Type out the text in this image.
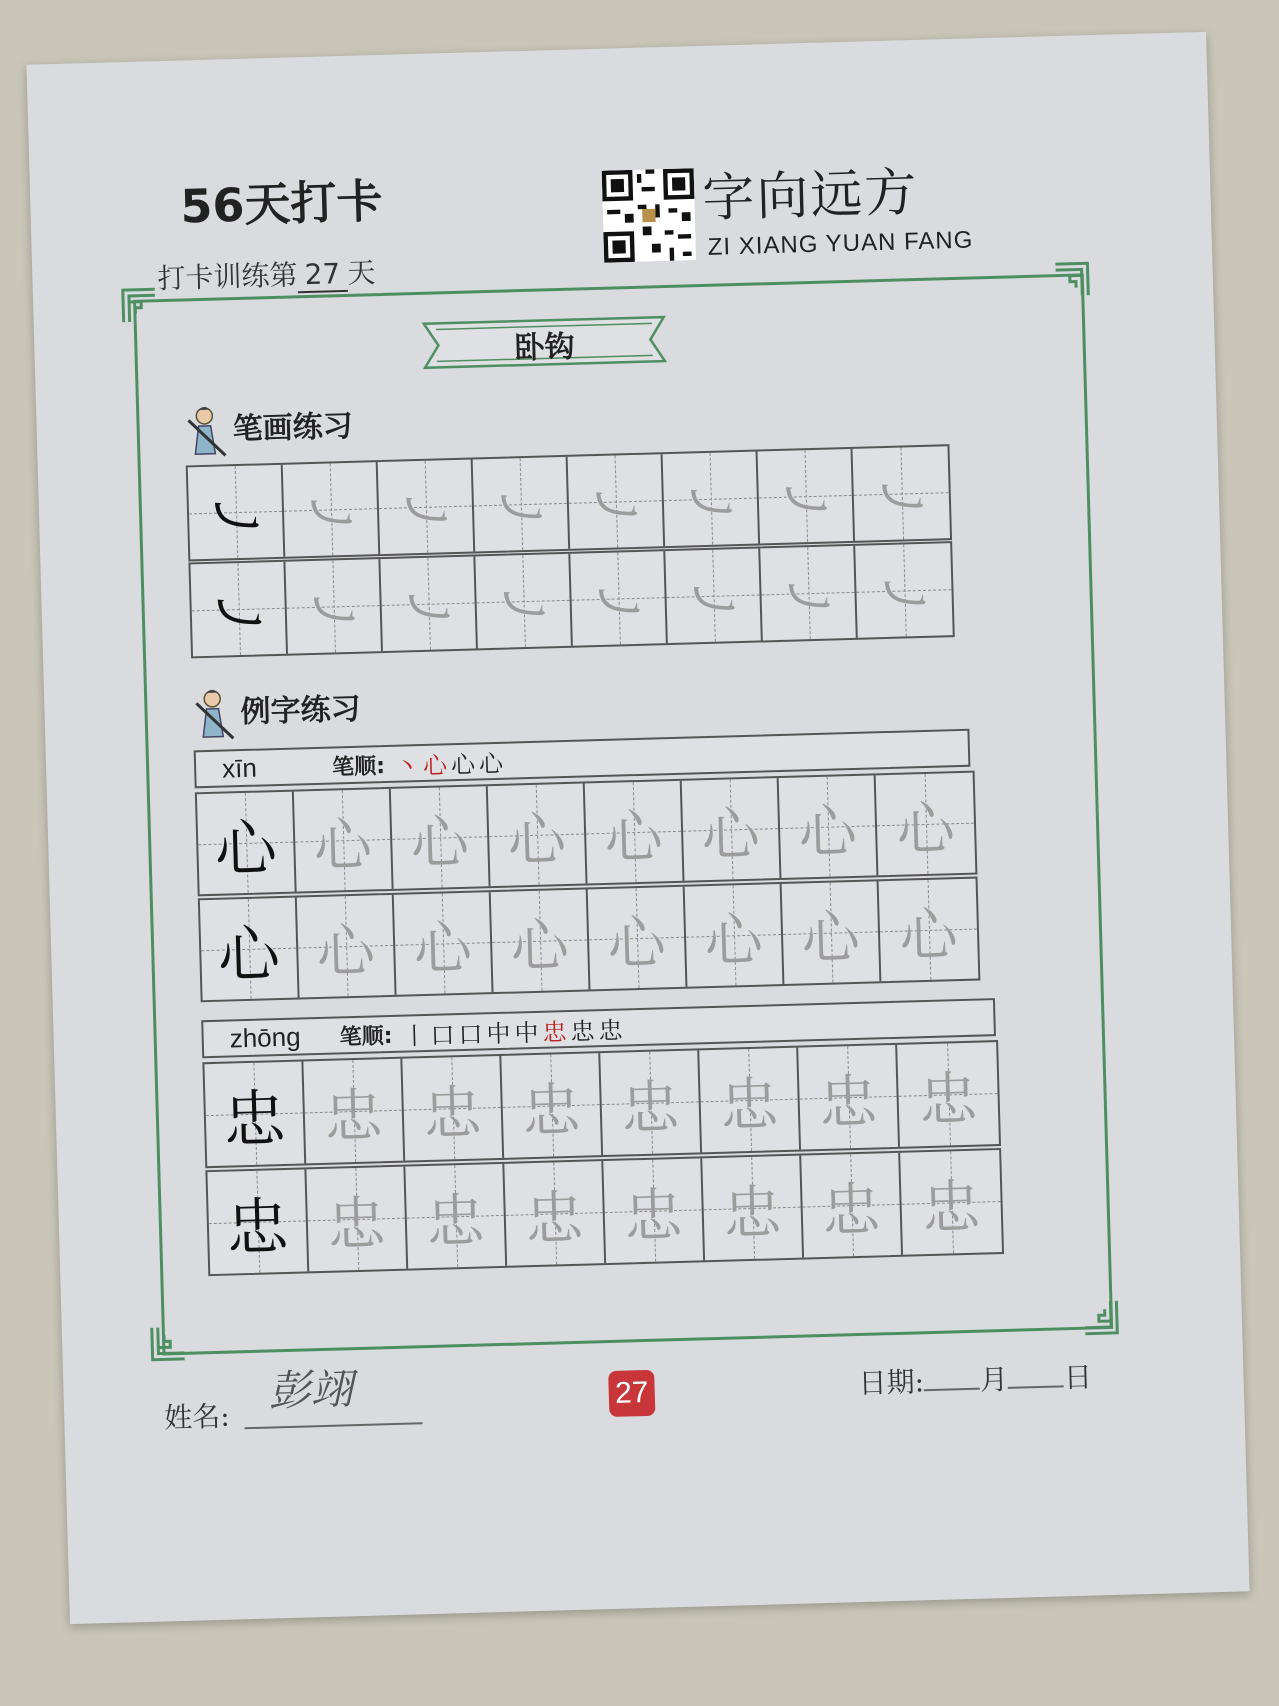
56天打卡
打卡训练第 27 天
字向远方
ZI XIANG YUAN FANG
卧钩
笔画练习
㇃ ㇃ ㇃ ㇃ ㇃ ㇃ ㇃ ㇃
㇃ ㇃ ㇃ ㇃ ㇃ ㇃ ㇃ ㇃
例字练习
xīn	笔顺: 丶心心心
心 心 心 心 心 心 心 心
心 心 心 心 心 心 心 心
zhōng	笔顺: 丨口口中中忠忠忠
忠 忠 忠 忠 忠 忠 忠 忠
忠 忠 忠 忠 忠 忠 忠 忠
姓名:
彭翊	27	日期: 月 日
